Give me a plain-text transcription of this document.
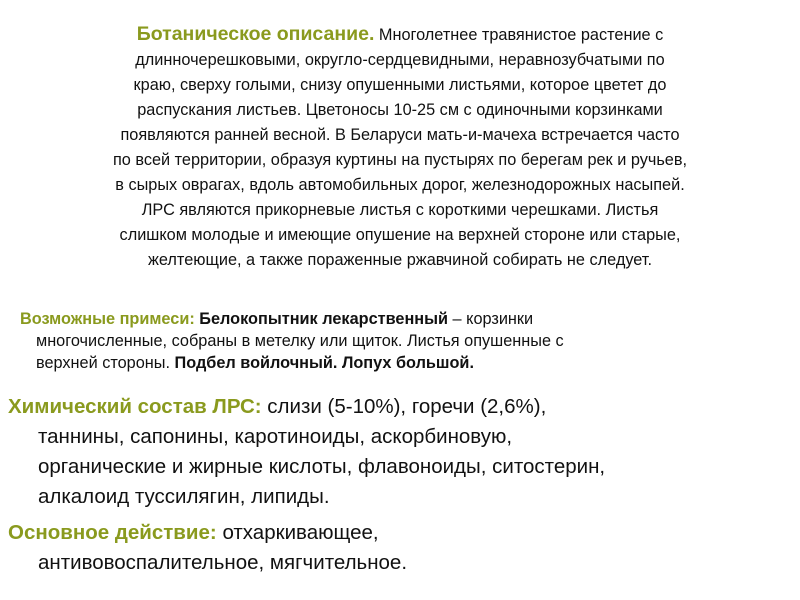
Ботаническое описание. Многолетнее травянистое растение с
длинночерешковыми, округло-сердцевидными, неравнозубчатыми по
краю, сверху голыми, снизу опушенными листьями, которое цветет до
распускания листьев. Цветоносы 10-25 см с одиночными корзинками
появляются ранней весной. В Беларуси мать-и-мачеха встречается часто
по всей территории, образуя куртины на пустырях по берегам рек и ручьев,
в сырых оврагах, вдоль автомобильных дорог, железнодорожных насыпей.
ЛРС являются прикорневые листья с короткими черешками. Листья
слишком молодые и имеющие опушение на верхней стороне или старые,
желтеющие, а также пораженные ржавчиной собирать не следует.
Возможные примеси: Белокопытник лекарственный – корзинки
многочисленные, собраны в метелку или щиток. Листья опушенные с
верхней стороны. Подбел войлочный. Лопух большой.
Химический состав ЛРС: слизи (5-10%), горечи (2,6%),
таннины, сапонины, каротиноиды, аскорбиновую,
органические и жирные кислоты, флавоноиды, ситостерин,
алкалоид туссилягин, липиды.
Основное действие: отхаркивающее,
антивовоспалительное, мягчительное.
